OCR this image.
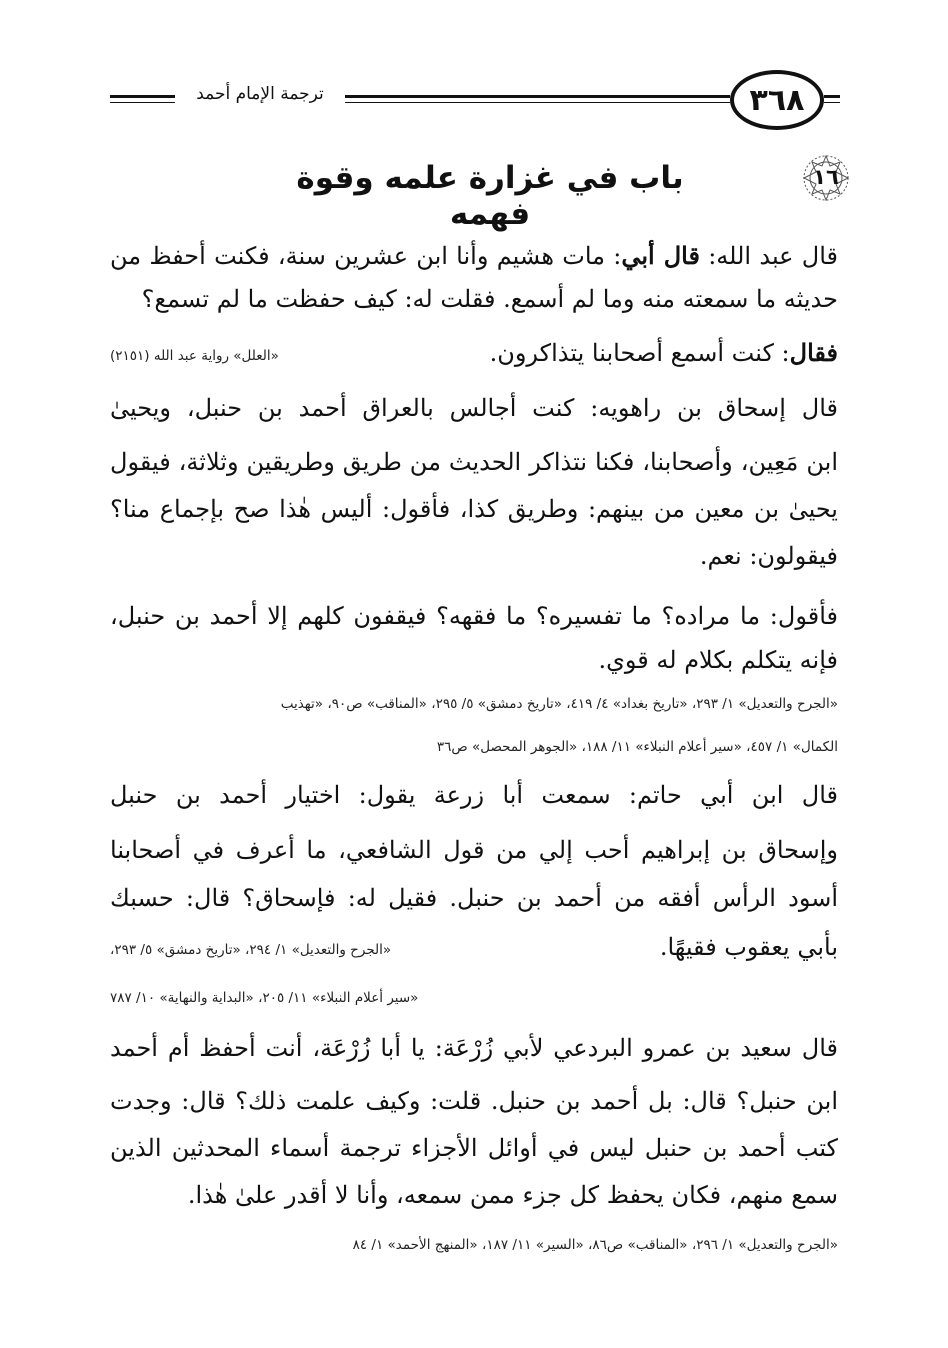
ترجمة الإمام أحمد	٣٦٨
١٦
باب في غزارة علمه وقوة فهمه
قال عبد الله: قال أبي: مات هشيم وأنا ابن عشرين سنة، فكنت أحفظ من
حديثه ما سمعته منه وما لم أسمع. فقلت له: كيف حفظت ما لم تسمع؟
فقال: كنت أسمع أصحابنا يتذاكرون.
«العلل» رواية عبد الله (٢١٥١)
قال إسحاق بن راهويه: كنت أجالس بالعراق أحمد بن حنبل، ويحيىٰ
ابن مَعِين، وأصحابنا، فكنا نتذاكر الحديث من طريق وطريقين وثلاثة، فيقول
يحيىٰ بن معين من بينهم: وطريق كذا، فأقول: أليس هٰذا صح بإجماع منا؟
فيقولون: نعم.
فأقول: ما مراده؟ ما تفسيره؟ ما فقهه؟ فيقفون كلهم إلا أحمد بن حنبل،
فإنه يتكلم بكلام له قوي.
«الجرح والتعديل» ١/ ٢٩٣، «تاريخ بغداد» ٤/ ٤١٩، «تاريخ دمشق» ٥/ ٢٩٥، «المناقب» ص٩٠، «تهذيب
الكمال» ١/ ٤٥٧، «سير أعلام النبلاء» ١١/ ١٨٨، «الجوهر المحصل» ص٣٦
قال ابن أبي حاتم: سمعت أبا زرعة يقول: اختيار أحمد بن حنبل
وإسحاق بن إبراهيم أحب إلي من قول الشافعي، ما أعرف في أصحابنا
أسود الرأس أفقه من أحمد بن حنبل. فقيل له: فإسحاق؟ قال: حسبك
بأبي يعقوب فقيهًا.
«الجرح والتعديل» ١/ ٢٩٤، «تاريخ دمشق» ٥/ ٢٩٣،
«سير أعلام النبلاء» ١١/ ٢٠٥، «البداية والنهاية» ١٠/ ٧٨٧
قال سعيد بن عمرو البردعي لأبي زُرْعَة: يا أبا زُرْعَة، أنت أحفظ أم أحمد
ابن حنبل؟ قال: بل أحمد بن حنبل. قلت: وكيف علمت ذلك؟ قال: وجدت
كتب أحمد بن حنبل ليس في أوائل الأجزاء ترجمة أسماء المحدثين الذين
سمع منهم، فكان يحفظ كل جزء ممن سمعه، وأنا لا أقدر علىٰ هٰذا.
«الجرح والتعديل» ١/ ٢٩٦، «المناقب» ص٨٦، «السير» ١١/ ١٨٧، «المنهج الأحمد» ١/ ٨٤
